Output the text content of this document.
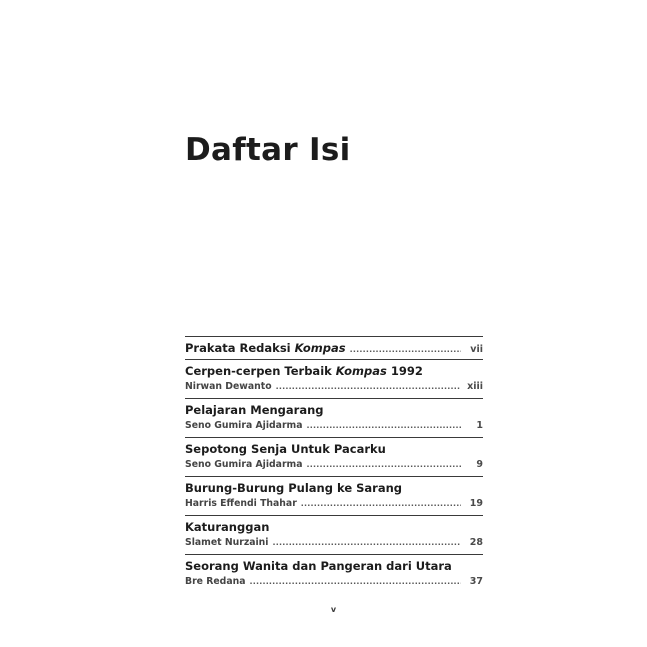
Daftar Isi
Prakata Redaksi Kompas .....	vii
Cerpen-cerpen Terbaik Kompas 1992
Nirwan Dewanto .....	xiii
Pelajaran Mengarang
Seno Gumira Ajidarma .....	1
Sepotong Senja Untuk Pacarku
Seno Gumira Ajidarma .....	9
Burung-Burung Pulang ke Sarang
Harris Effendi Thahar .....	19
Katuranggan
Slamet Nurzaini .....	28
Seorang Wanita dan Pangeran dari Utara
Bre Redana .....	37
v
